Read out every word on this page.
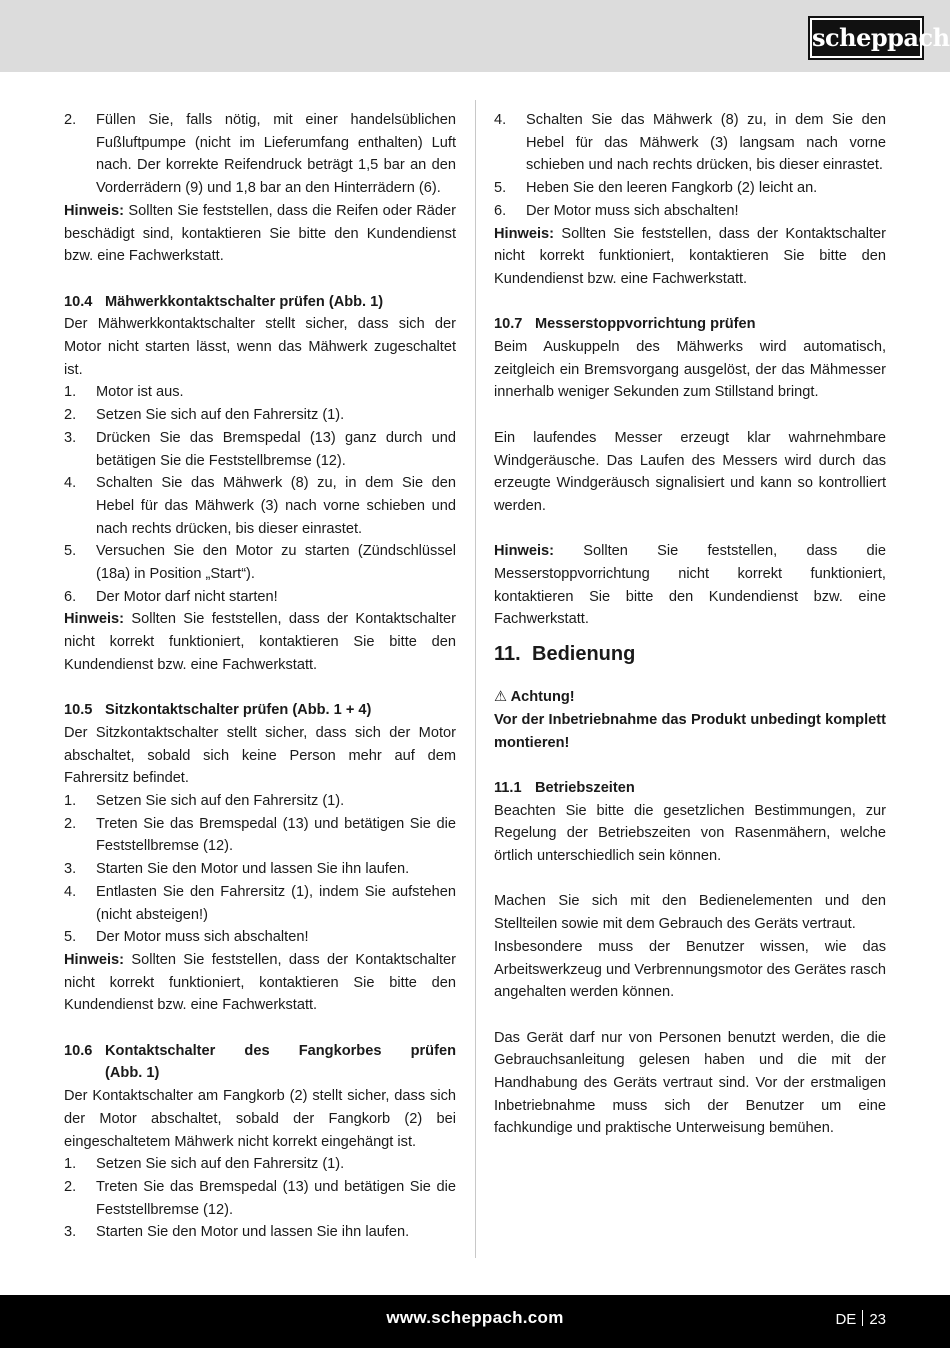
scheppach
2.	Füllen Sie, falls nötig, mit einer handelsüblichen Fußluftpumpe (nicht im Lieferumfang enthalten) Luft nach. Der korrekte Reifendruck beträgt 1,5 bar an den Vorderrädern (9) und 1,8 bar an den Hinterrädern (6).

Hinweis: Sollten Sie feststellen, dass die Reifen oder Räder beschädigt sind, kontaktieren Sie bitte den Kundendienst bzw. eine Fachwerkstatt.

10.4 Mähwerkkontaktschalter prüfen (Abb. 1)

Der Mähwerkkontaktschalter stellt sicher, dass sich der Motor nicht starten lässt, wenn das Mähwerk zugeschaltet ist.

1.	Motor ist aus.
2.	Setzen Sie sich auf den Fahrersitz (1).
3.	Drücken Sie das Bremspedal (13) ganz durch und betätigen Sie die Feststellbremse (12).
4.	Schalten Sie das Mähwerk (8) zu, in dem Sie den Hebel für das Mähwerk (3) nach vorne schieben und nach rechts drücken, bis dieser einrastet.
5.	Versuchen Sie den Motor zu starten (Zündschlüssel (18a) in Position „Start“).
6.	Der Motor darf nicht starten!

Hinweis: Sollten Sie feststellen, dass der Kontaktschalter nicht korrekt funktioniert, kontaktieren Sie bitte den Kundendienst bzw. eine Fachwerkstatt.

10.5 Sitzkontaktschalter prüfen (Abb. 1 + 4)

Der Sitzkontaktschalter stellt sicher, dass sich der Motor abschaltet, sobald sich keine Person mehr auf dem Fahrersitz befindet.

1.	Setzen Sie sich auf den Fahrersitz (1).
2.	Treten Sie das Bremspedal (13) und betätigen Sie die Feststellbremse (12).
3.	Starten Sie den Motor und lassen Sie ihn laufen.
4.	Entlasten Sie den Fahrersitz (1), indem Sie aufstehen (nicht absteigen!)
5.	Der Motor muss sich abschalten!

Hinweis: Sollten Sie feststellen, dass der Kontaktschalter nicht korrekt funktioniert, kontaktieren Sie bitte den Kundendienst bzw. eine Fachwerkstatt.

10.6 Kontaktschalter des Fangkorbes prüfen
(Abb. 1)

Der Kontaktschalter am Fangkorb (2) stellt sicher, dass sich der Motor abschaltet, sobald der Fangkorb (2) bei eingeschaltetem Mähwerk nicht korrekt eingehängt ist.

1.	Setzen Sie sich auf den Fahrersitz (1).
2.	Treten Sie das Bremspedal (13) und betätigen Sie die Feststellbremse (12).
3.	Starten Sie den Motor und lassen Sie ihn laufen.
4.	Schalten Sie das Mähwerk (8) zu, in dem Sie den Hebel für das Mähwerk (3) langsam nach vorne schieben und nach rechts drücken, bis dieser einrastet.
5.	Heben Sie den leeren Fangkorb (2) leicht an.
6.	Der Motor muss sich abschalten!

Hinweis: Sollten Sie feststellen, dass der Kontaktschalter nicht korrekt funktioniert, kontaktieren Sie bitte den Kundendienst bzw. eine Fachwerkstatt.

10.7 Messerstoppvorrichtung prüfen

Beim Auskuppeln des Mähwerks wird automatisch, zeitgleich ein Bremsvorgang ausgelöst, der das Mähmesser innerhalb weniger Sekunden zum Stillstand bringt.

Ein laufendes Messer erzeugt klar wahrnehmbare Windgeräusche. Das Laufen des Messers wird durch das erzeugte Windgeräusch signalisiert und kann so kontrolliert werden.

Hinweis: Sollten Sie feststellen, dass die Messerstoppvorrichtung nicht korrekt funktioniert, kontaktieren Sie bitte den Kundendienst bzw. eine Fachwerkstatt.

11. Bedienung
⚠ Achtung!

Vor der Inbetriebnahme das Produkt unbedingt komplett montieren!

11.1 Betriebszeiten

Beachten Sie bitte die gesetzlichen Bestimmungen, zur Regelung der Betriebszeiten von Rasenmähern, welche örtlich unterschiedlich sein können.

Machen Sie sich mit den Bedienelementen und den Stellteilen sowie mit dem Gebrauch des Geräts vertraut.

Insbesondere muss der Benutzer wissen, wie das Arbeitswerkzeug und Verbrennungsmotor des Gerätes rasch angehalten werden können.

Das Gerät darf nur von Personen benutzt werden, die die Gebrauchsanleitung gelesen haben und die mit der Handhabung des Geräts vertraut sind. Vor der erstmaligen Inbetriebnahme muss sich der Benutzer um eine fachkundige und praktische Unterweisung bemühen.

www.scheppach.com	DE 23
